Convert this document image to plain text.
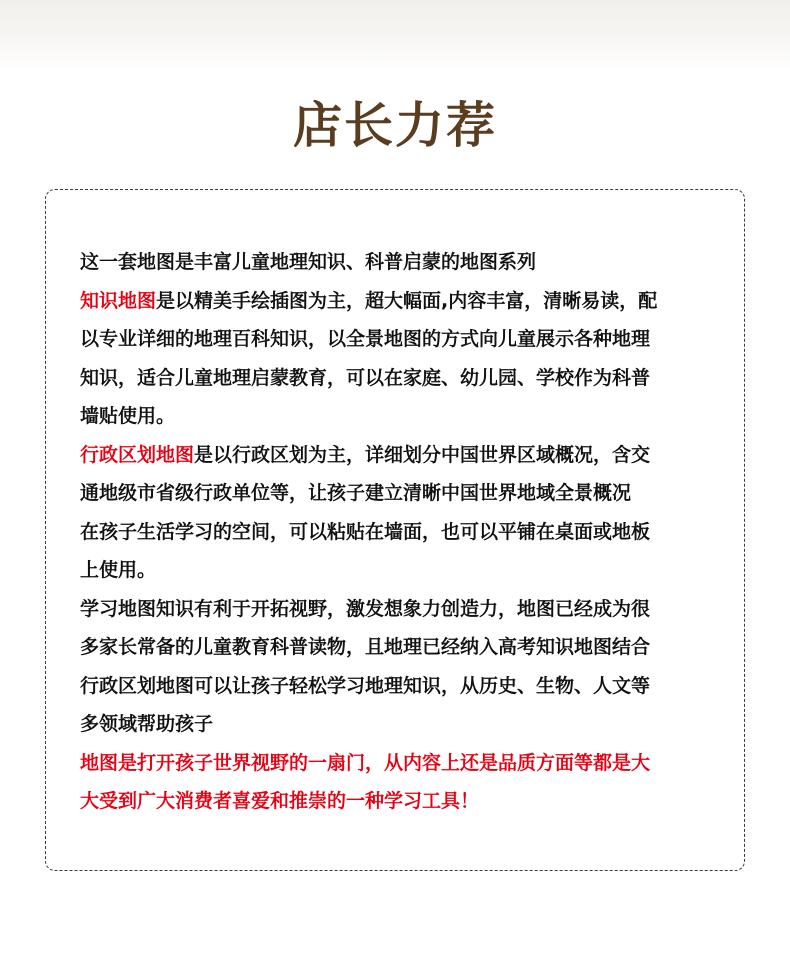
店长力荐

这一套地图是丰富儿童地理知识、科普启蒙的地图系列

知识地图是以精美手绘插图为主，超大幅面,内容丰富，清晰易读，配

以专业详细的地理百科知识，以全景地图的方式向儿童展示各种地理

知识，适合儿童地理启蒙教育，可以在家庭、幼儿园、学校作为科普

墙贴使用。

行政区划地图是以行政区划为主，详细划分中国世界区域概况，含交

通地级市省级行政单位等，让孩子建立清晰中国世界地域全景概况

在孩子生活学习的空间，可以粘贴在墙面，也可以平铺在桌面或地板

上使用。

学习地图知识有利于开拓视野，激发想象力创造力，地图已经成为很

多家长常备的儿童教育科普读物，且地理已经纳入高考知识地图结合

行政区划地图可以让孩子轻松学习地理知识，从历史、生物、人文等

多领域帮助孩子

地图是打开孩子世界视野的一扇门，从内容上还是品质方面等都是大

大受到广大消费者喜爱和推崇的一种学习工具！
